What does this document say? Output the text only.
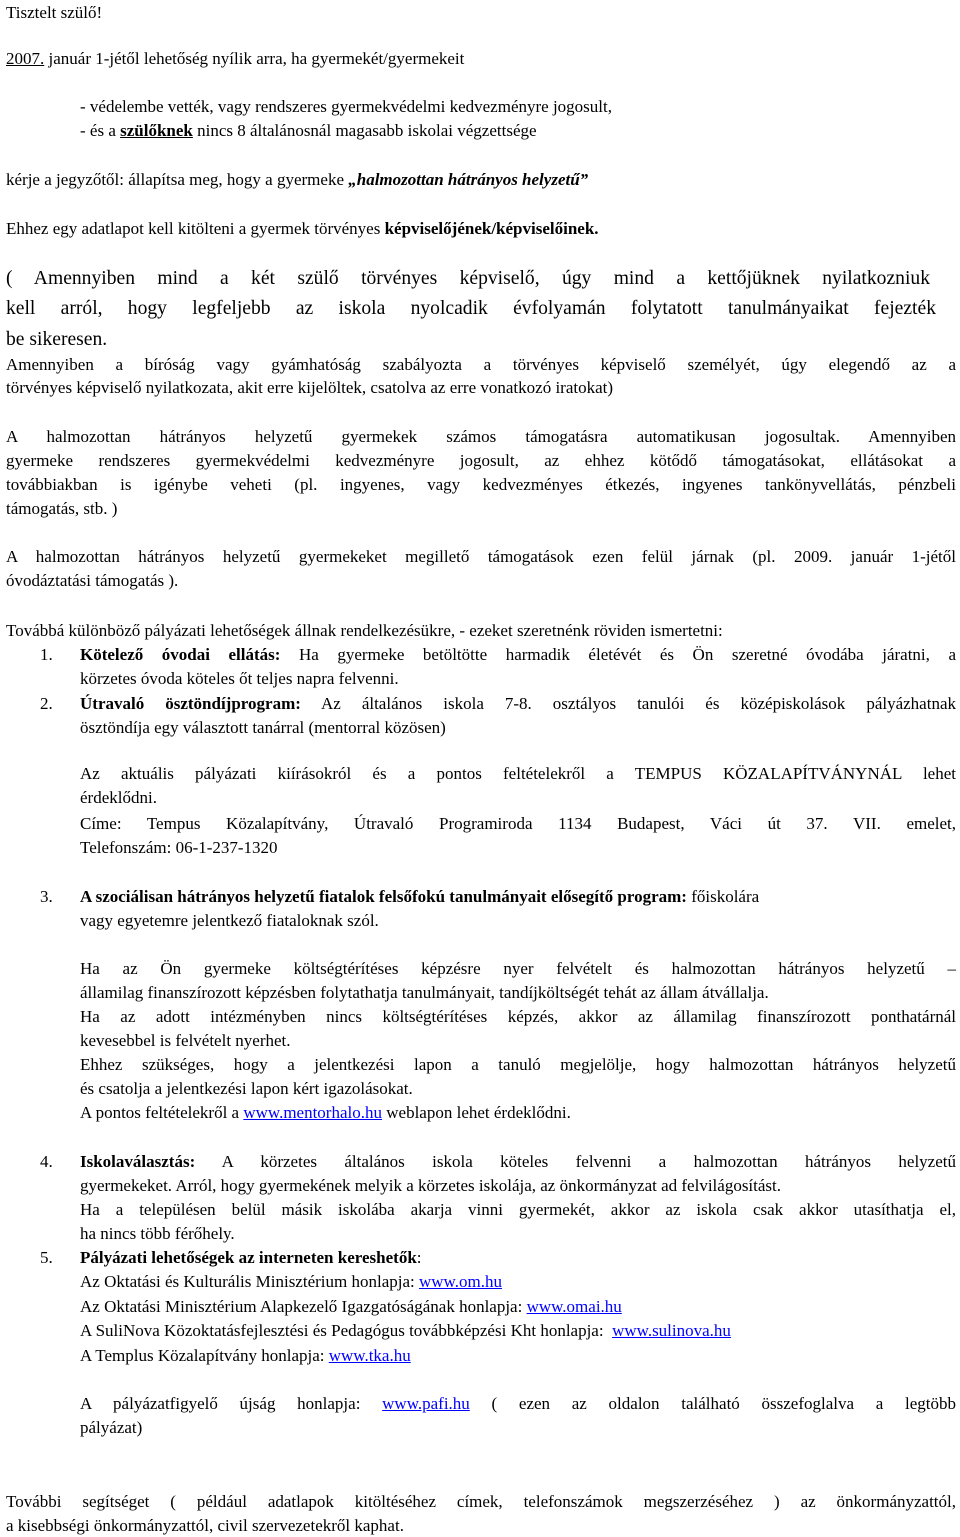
Tisztelt szülő!

2007. január 1-jétől lehetőség nyílik arra, ha gyermekét/gyermekeit

- védelembe vették, vagy rendszeres gyermekvédelmi kedvezményre jogosult,

- és a szülőknek nincs 8 általánosnál magasabb iskolai végzettsége

kérje a jegyzőtől: állapítsa meg, hogy a gyermeke „halmozottan hátrányos helyzetű”

Ehhez egy adatlapot kell kitölteni a gyermek törvényes képviselőjének/képviselőinek.

( Amennyiben mind a két szülő törvényes képviselő, úgy mind a kettőjüknek nyilatkozniuk

kell arról, hogy legfeljebb az iskola nyolcadik évfolyamán folytatott tanulmányaikat fejezték

be sikeresen.

Amennyiben a bíróság vagy gyámhatóság szabályozta a törvényes képviselő személyét, úgy elegendő az a

törvényes képviselő nyilatkozata, akit erre kijelöltek, csatolva az erre vonatkozó iratokat)

A halmozottan hátrányos helyzetű gyermekek számos támogatásra automatikusan jogosultak. Amennyiben

gyermeke rendszeres gyermekvédelmi kedvezményre jogosult, az ehhez kötődő támogatásokat, ellátásokat a

továbbiakban is igénybe veheti (pl. ingyenes, vagy kedvezményes étkezés, ingyenes tankönyvellátás, pénzbeli

támogatás, stb. )

A halmozottan hátrányos helyzetű gyermekeket megillető támogatások ezen felül járnak (pl. 2009. január 1-jétől

óvodáztatási támogatás ).

Továbbá különböző pályázati lehetőségek állnak rendelkezésükre, - ezeket szeretnénk röviden ismertetni:

1. Kötelező óvodai ellátás: Ha gyermeke betöltötte harmadik életévét és Ön szeretné óvodába járatni, a

körzetes óvoda köteles őt teljes napra felvenni.

2. Útravaló ösztöndíjprogram: Az általános iskola 7-8. osztályos tanulói és középiskolások pályázhatnak

ösztöndíja egy választott tanárral (mentorral közösen)

Az aktuális pályázati kiírásokról és a pontos feltételekről a TEMPUS KÖZALAPÍTVÁNYNÁL lehet

érdeklődni.

Címe: Tempus Közalapítvány, Útravaló Programiroda 1134 Budapest, Váci út 37. VII. emelet,

Telefonszám: 06-1-237-1320

3. A szociálisan hátrányos helyzetű fiatalok felsőfokú tanulmányait elősegítő program: főiskolára

vagy egyetemre jelentkező fiataloknak szól.

Ha az Ön gyermeke költségtérítéses képzésre nyer felvételt és halmozottan hátrányos helyzetű –

államilag finanszírozott képzésben folytathatja tanulmányait, tandíjköltségét tehát az állam átvállalja.

Ha az adott intézményben nincs költségtérítéses képzés, akkor az államilag finanszírozott ponthatárnál

kevesebbel is felvételt nyerhet.

Ehhez szükséges, hogy a jelentkezési lapon a tanuló megjelölje, hogy halmozottan hátrányos helyzetű

és csatolja a jelentkezési lapon kért igazolásokat.

A pontos feltételekről a www.mentorhalo.hu weblapon lehet érdeklődni.

4. Iskolaválasztás: A körzetes általános iskola köteles felvenni a halmozottan hátrányos helyzetű

gyermekeket. Arról, hogy gyermekének melyik a körzetes iskolája, az önkormányzat ad felvilágosítást.

Ha a településen belül másik iskolába akarja vinni gyermekét, akkor az iskola csak akkor utasíthatja el,

ha nincs több férőhely.

5. Pályázati lehetőségek az interneten kereshetők:

Az Oktatási és Kulturális Minisztérium honlapja: www.om.hu

Az Oktatási Minisztérium Alapkezelő Igazgatóságának honlapja: www.omai.hu

A SuliNova Közoktatásfejlesztési és Pedagógus továbbképzési Kht honlapja:  www.sulinova.hu

A Templus Közalapítvány honlapja: www.tka.hu

A pályázatfigyelő újság honlapja: www.pafi.hu ( ezen az oldalon található összefoglalva a legtöbb

pályázat)

További segítséget ( például adatlapok kitöltéséhez címek, telefonszámok megszerzéséhez ) az önkormányzattól,

a kisebbségi önkormányzattól, civil szervezetekről kaphat.
